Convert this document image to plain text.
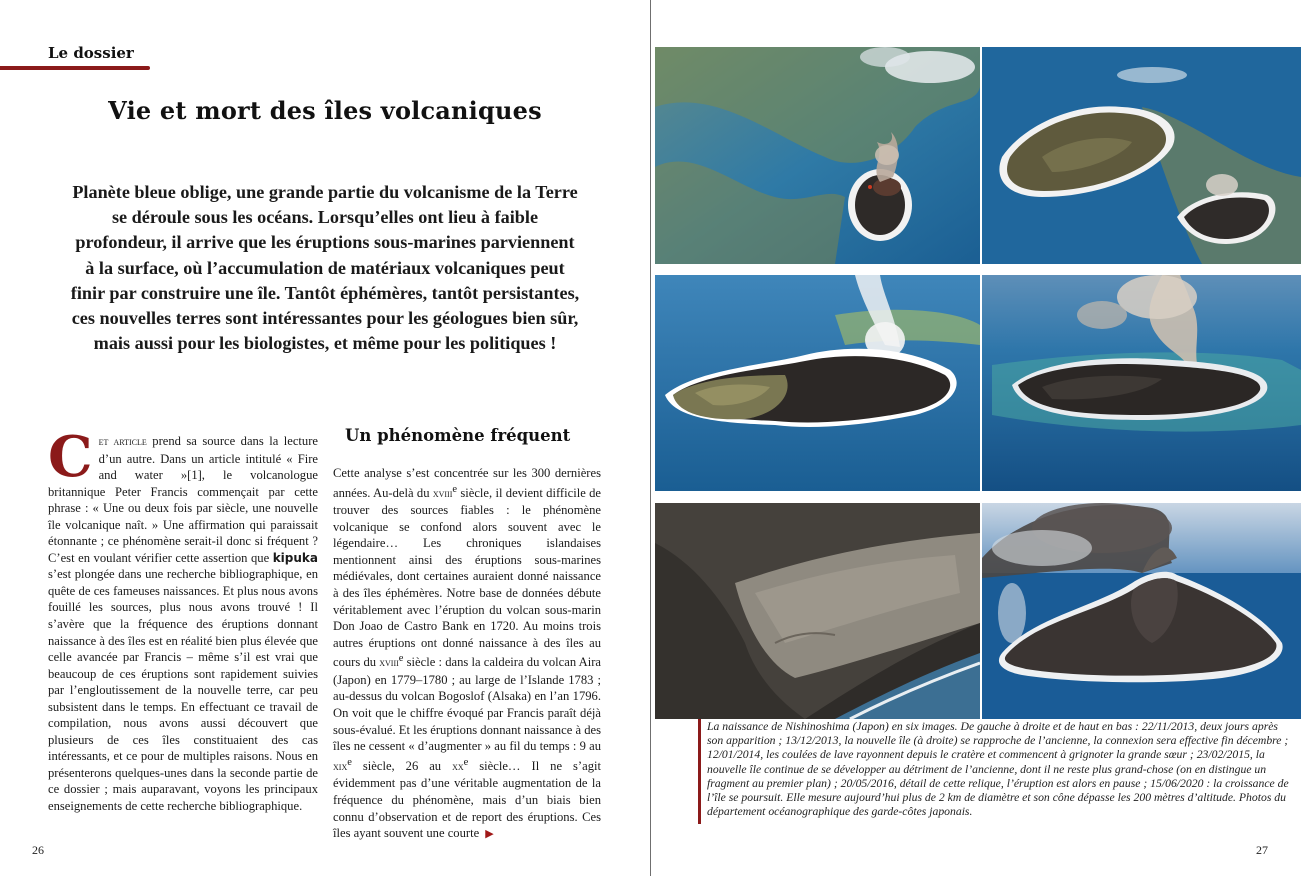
Le dossier
Vie et mort des îles volcaniques

Planète bleue oblige, une grande partie du volcanisme de la Terre se déroule sous les océans. Lorsqu’elles ont lieu à faible profondeur, il arrive que les éruptions sous-marines parviennent à la surface, où l’accumulation de matériaux volcaniques peut finir par construire une île. Tantôt éphémères, tantôt persistantes, ces nouvelles terres sont intéressantes pour les géologues bien sûr, mais aussi pour les biologistes, et même pour les politiques !

Cet article prend sa source dans la lecture d’un autre. Dans un article intitulé « Fire and water »[1], le volcanologue britannique Peter Francis commençait par cette phrase : « Une ou deux fois par siècle, une nouvelle île volcanique naît. » Une affirmation qui paraissait étonnante ; ce phénomène serait-il donc si fréquent ? C’est en voulant vérifier cette assertion que kipuka s’est plongée dans une recherche bibliographique, en quête de ces fameuses naissances. Et plus nous avons fouillé les sources, plus nous avons trouvé ! Il s’avère que la fréquence des éruptions donnant naissance à des îles est en réalité bien plus élevée que celle avancée par Francis – même s’il est vrai que beaucoup de ces éruptions sont rapidement suivies par l’engloutissement de la nouvelle terre, car peu subsistent dans le temps. En effectuant ce travail de compilation, nous avons aussi découvert que plusieurs de ces îles constituaient des cas intéressants, et ce pour de multiples raisons. Nous en présenterons quelques-unes dans la seconde partie de ce dossier ; mais auparavant, voyons les principaux enseignements de cette recherche bibliographique.
Un phénomène fréquent
Cette analyse s’est concentrée sur les 300 dernières années. Au-delà du xviii$^e$ siècle, il devient difficile de trouver des sources fiables : le phénomène volcanique se confond alors souvent avec le légendaire… Les chroniques islandaises mentionnent ainsi des éruptions sous-marines médiévales, dont certaines auraient donné naissance à des îles éphémères. Notre base de données débute véritablement avec l’éruption du volcan sous-marin Don Joao de Castro Bank en 1720. Au moins trois autres éruptions ont donné naissance à des îles au cours du xviii$^e$ siècle : dans la caldeira du volcan Aira (Japon) en 1779–1780 ; au large de l’Islande 1783 ; au-dessus du volcan Bogoslof (Alsaka) en l’an 1796. On voit que le chiffre évoqué par Francis paraît déjà sous-évalué. Et les éruptions donnant naissance à des îles ne cessent « d’augmenter » au fil du temps : 9 au xix$^e$ siècle, 26 au $xx^e$ siècle… Il ne s’agit évidemment pas d’une véritable augmentation de la fréquence du phénomène, mais d’un biais bien connu d’observation et de report des éruptions. Ces îles ayant souvent une courte ▶
26

La naissance de Nishinoshima (Japon) en six images. De gauche à droite et de haut en bas : 22/11/2013, deux jours après son apparition ; 13/12/2013, la nouvelle île (à droite) se rapproche de l’ancienne, la connexion sera effective fin décembre ; 12/01/2014, les coulées de lave rayonnent depuis le cratère et commencent à grignoter la grande sœur ; 23/02/2015, la nouvelle île continue de se développer au détriment de l’ancienne, dont il ne reste plus grand-chose (on en distingue un fragment au premier plan) ; 20/05/2016, détail de cette relique, l’éruption est alors en pause ; 15/06/2020 : la croissance de l’île se poursuit. Elle mesure aujourd’hui plus de 2 km de diamètre et son cône dépasse les 200 mètres d’altitude. Photos du département océanographique des garde-côtes japonais.

27
